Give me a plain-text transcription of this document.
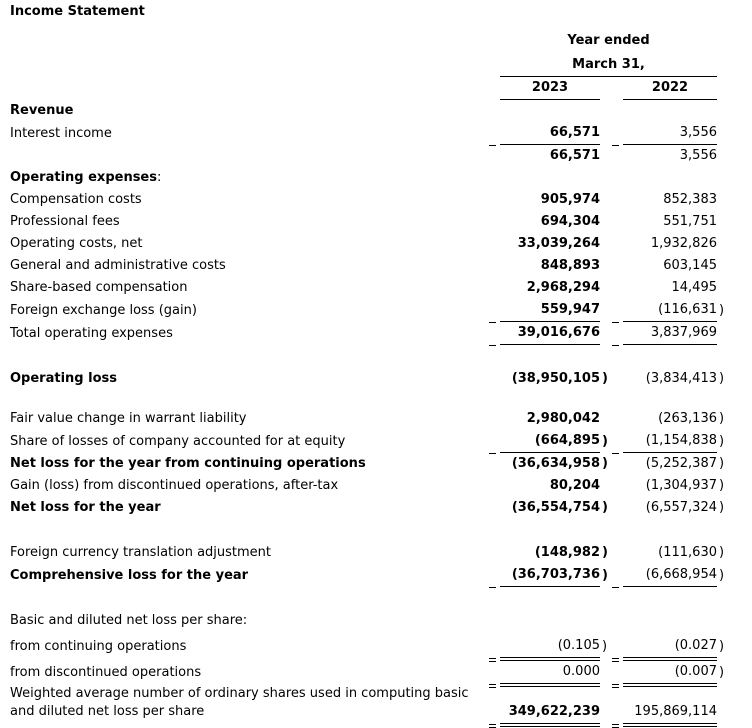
Income Statement
		Year ended				
		March 31,				
		2023			2022	
Revenue						
Interest income		66,571			3,556	
		66,571			3,556	
Operating expenses:						
Compensation costs		905,974			852,383	
Professional fees		694,304			551,751	
Operating costs, net		33,039,264			1,932,826	
General and administrative costs		848,893			603,145	
Share-based compensation		2,968,294			14,495	
Foreign exchange loss (gain)		559,947			(116,631	)
Total operating expenses		39,016,676			3,837,969	

Operating loss		(38,950,105	)		(3,834,413	)

Fair value change in warrant liability		2,980,042			(263,136	)
Share of losses of company accounted for at equity		(664,895	)		(1,154,838	)
Net loss for the year from continuing operations		(36,634,958	)		(5,252,387	)
Gain (loss) from discontinued operations, after-tax		80,204			(1,304,937	)
Net loss for the year		(36,554,754	)		(6,557,324	)

Foreign currency translation adjustment		(148,982	)		(111,630	)
Comprehensive loss for the year		(36,703,736	)		(6,668,954	)

Basic and diluted net loss per share:						
from continuing operations		(0.105	)		(0.027	)
from discontinued operations		0.000			(0.007	)
Weighted average number of ordinary shares used in computing basic
and diluted net loss per share		349,622,239			195,869,114	
